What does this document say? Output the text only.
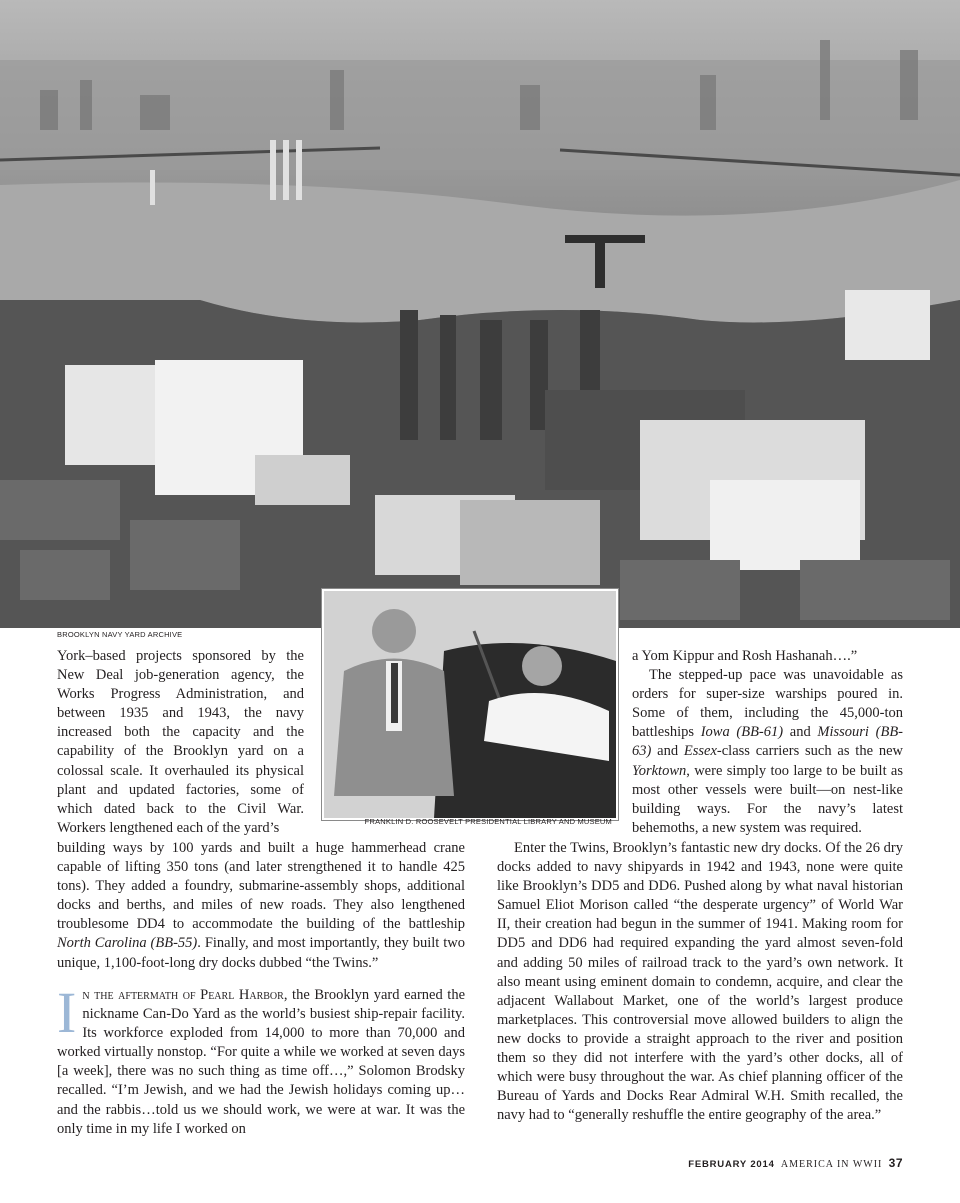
BROOKLYN NAVY YARD ARCHIVE
FRANKLIN D. ROOSEVELT PRESIDENTIAL LIBRARY AND MUSEUM

York–based projects sponsored by the New Deal job-generation agency, the Works Progress Administration, and between 1935 and 1943, the navy increased both the capacity and the capability of the Brooklyn yard on a colossal scale. It overhauled its physical plant and updated factories, some of which dated back to the Civil War. Workers lengthened each of the yard’s

building ways by 100 yards and built a huge hammerhead crane capable of lifting 350 tons (and later strengthened it to handle 425 tons). They added a foundry, submarine-assembly shops, additional docks and berths, and miles of new roads. They also lengthened troublesome DD4 to accommodate the building of the battleship North Carolina (BB-55). Finally, and most importantly, they built two unique, 1,100-foot-long dry docks dubbed “the Twins.”

In the aftermath of Pearl Harbor, the Brooklyn yard earned the nickname Can-Do Yard as the world’s busiest ship-repair facility. Its workforce exploded from 14,000 to more than 70,000 and worked virtually nonstop. “For quite a while we worked at seven days [a week], there was no such thing as time off…,” Solomon Brodsky recalled. “I’m Jewish, and we had the Jewish holidays coming up…and the rabbis…told us we should work, we were at war. It was the only time in my life I worked on

a Yom Kippur and Rosh Hashanah….”

The stepped-up pace was unavoidable as orders for super-size warships poured in. Some of them, including the 45,000-ton battleships Iowa (BB-61) and Missouri (BB-63) and Essex-class carriers such as the new Yorktown, were simply too large to be built as most other vessels were built—on nest-like building ways. For the navy’s latest behemoths, a new system was required.

Enter the Twins, Brooklyn’s fantastic new dry docks. Of the 26 dry docks added to navy shipyards in 1942 and 1943, none were quite like Brooklyn’s DD5 and DD6. Pushed along by what naval historian Samuel Eliot Morison called “the desperate urgency” of World War II, their creation had begun in the summer of 1941. Making room for DD5 and DD6 had required expanding the yard almost seven-fold and adding 50 miles of railroad track to the yard’s own network. It also meant using eminent domain to condemn, acquire, and clear the adjacent Wallabout Market, one of the world’s largest produce marketplaces. This controversial move allowed builders to align the new docks to provide a straight approach to the river and position them so they did not interfere with the yard’s other docks, all of which were busy throughout the war. As chief planning officer of the Bureau of Yards and Docks Rear Admiral W.H. Smith recalled, the navy had to “generally reshuffle the entire geography of the area.”

FEBRUARY 2014 AMERICA IN WWII 37
